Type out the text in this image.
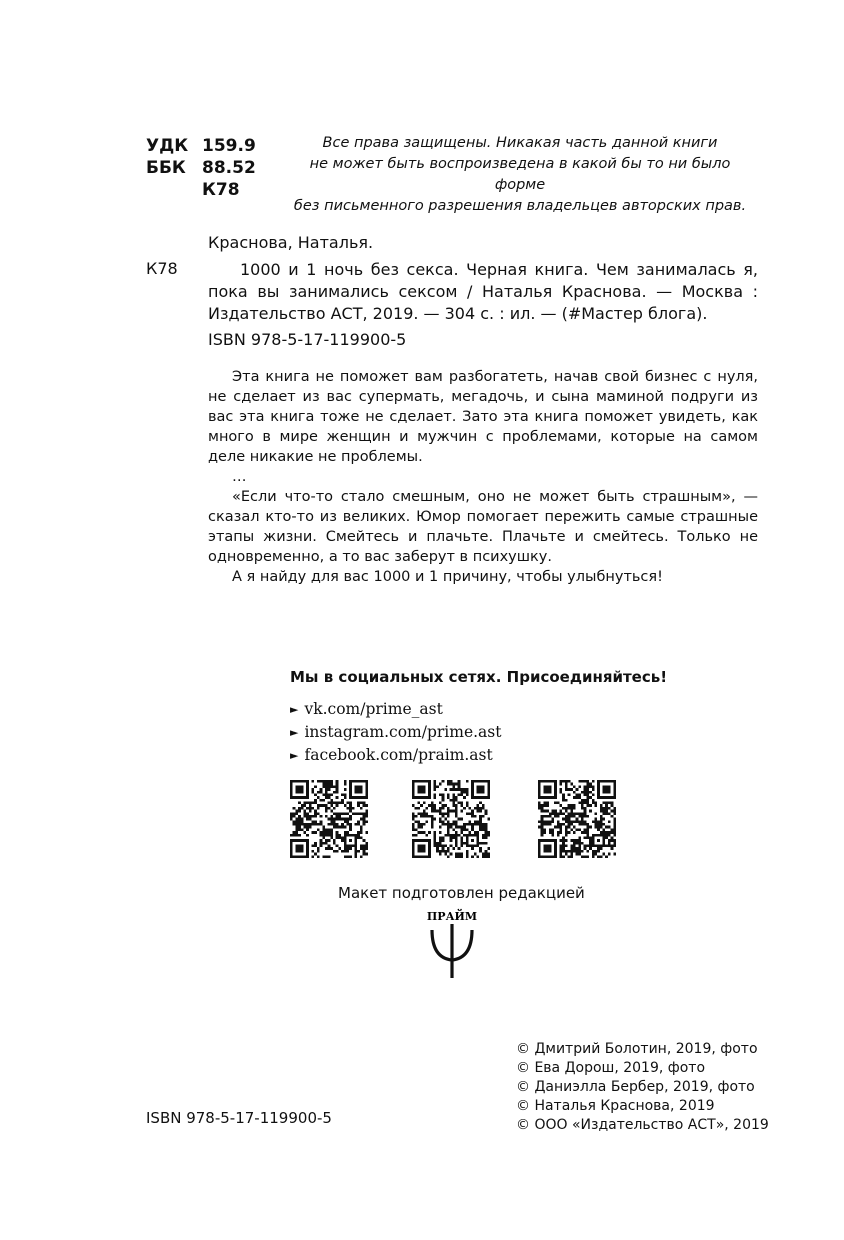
УДК 159.9
ББК 88.52
К78
Все права защищены. Никакая часть данной книги
не может быть воспроизведена в какой бы то ни было форме
без письменного разрешения владельцев авторских прав.
Краснова, Наталья.
К78	1000 и 1 ночь без секса. Черная книга. Чем занималась я, пока вы занимались сексом / Наталья Краснова. — Москва : Издательство АСТ, 2019. — 304 с. : ил. — (#Мастер блога).
ISBN 978-5-17-119900-5

Эта книга не поможет вам разбогатеть, начав свой бизнес с нуля, не сделает из вас супермать, мегадочь, и сына маминой подруги из вас эта книга тоже не сделает. Зато эта книга поможет увидеть, как много в мире женщин и мужчин с проблемами, которые на самом деле никакие не проблемы.

…

«Если что-то стало смешным, оно не может быть страшным», — сказал кто-то из великих. Юмор помогает пережить самые страшные этапы жизни. Смейтесь и плачьте. Плачьте и смейтесь. Только не одновременно, а то вас заберут в психушку.

А я найду для вас 1000 и 1 причину, чтобы улыбнуться!

Мы в социальных сетях. Присоединяйтесь!
► vk.com/prime_ast
► instagram.com/prime.ast
► facebook.com/praim.ast
Макет подготовлен редакцией
ПРАЙМ
© Дмитрий Болотин, 2019, фото
© Ева Дорош, 2019, фото
© Даниэлла Бербер, 2019, фото
© Наталья Краснова, 2019
© ООО «Издательство АСТ», 2019
ISBN 978-5-17-119900-5
